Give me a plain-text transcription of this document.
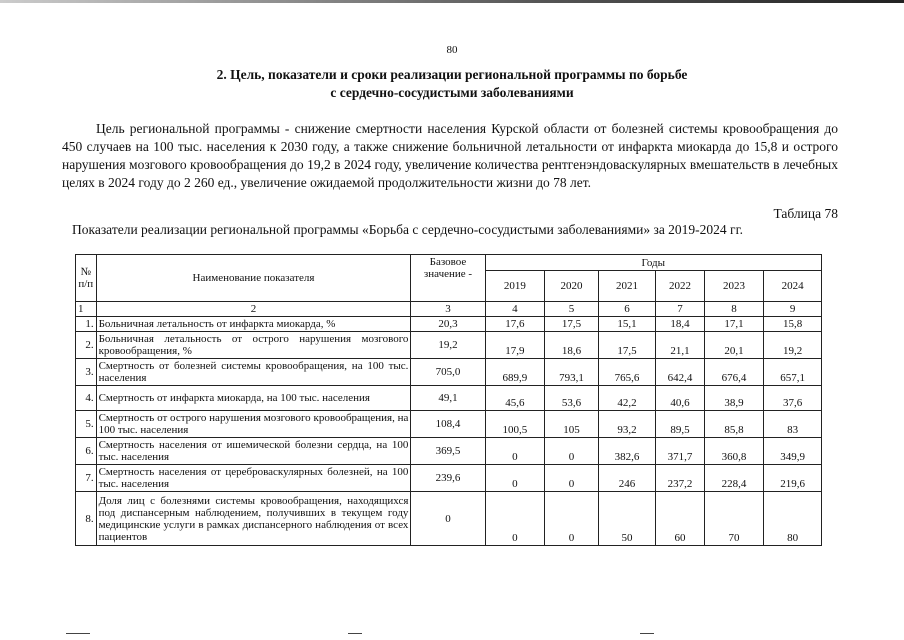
80
2. Цель, показатели и сроки реализации региональной программы по борьбе
с сердечно-сосудистыми заболеваниями
Цель региональной программы - снижение смертности населения Курской области от болезней системы кровообращения до 450 случаев на 100 тыс. населения к 2030 году, а также снижение больничной летальности от инфаркта миокарда до 15,8 и острого нарушения мозгового кровообращения до 19,2 в 2024 году, увеличение количества рентгенэндоваскулярных вмешательств в лечебных целях в 2024 году до 2 260 ед., увеличение ожидаемой продолжительности жизни до 78 лет.
Таблица 78
Показатели реализации региональной программы «Борьба с сердечно-сосудистыми заболеваниями» за 2019-2024 гг.
№ п/п	Наименование показателя	Базовое значение -	Годы					
			2019	2020	2021	2022	2023	2024
1	2	3	4	5	6	7	8	9
1.	Больничная летальность от инфаркта миокарда, %	20,3	17,6	17,5	15,1	18,4	17,1	15,8
2.	Больничная летальность от острого нарушения мозгового кровообращения, %	19,2	17,9	18,6	17,5	21,1	20,1	19,2
3.	Смертность от болезней системы кровообращения, на 100 тыс. населения	705,0	689,9	793,1	765,6	642,4	676,4	657,1
4.	Смертность от инфаркта миокарда, на 100 тыс. населения	49,1	45,6	53,6	42,2	40,6	38,9	37,6
5.	Смертность от острого нарушения мозгового кровообращения, на 100 тыс. населения	108,4	100,5	105	93,2	89,5	85,8	83
6.	Смертность населения от ишемической болезни сердца, на 100 тыс. населения	369,5	0	0	382,6	371,7	360,8	349,9
7.	Смертность населения от цереброваскулярных болезней, на 100 тыс. населения	239,6	0	0	246	237,2	228,4	219,6
8.	Доля лиц с болезнями системы кровообращения, находящихся под диспансерным наблюдением, получивших в текущем году медицинские услуги в рамках диспансерного наблюдения от всех пациентов	0	0	0	50	60	70	80
